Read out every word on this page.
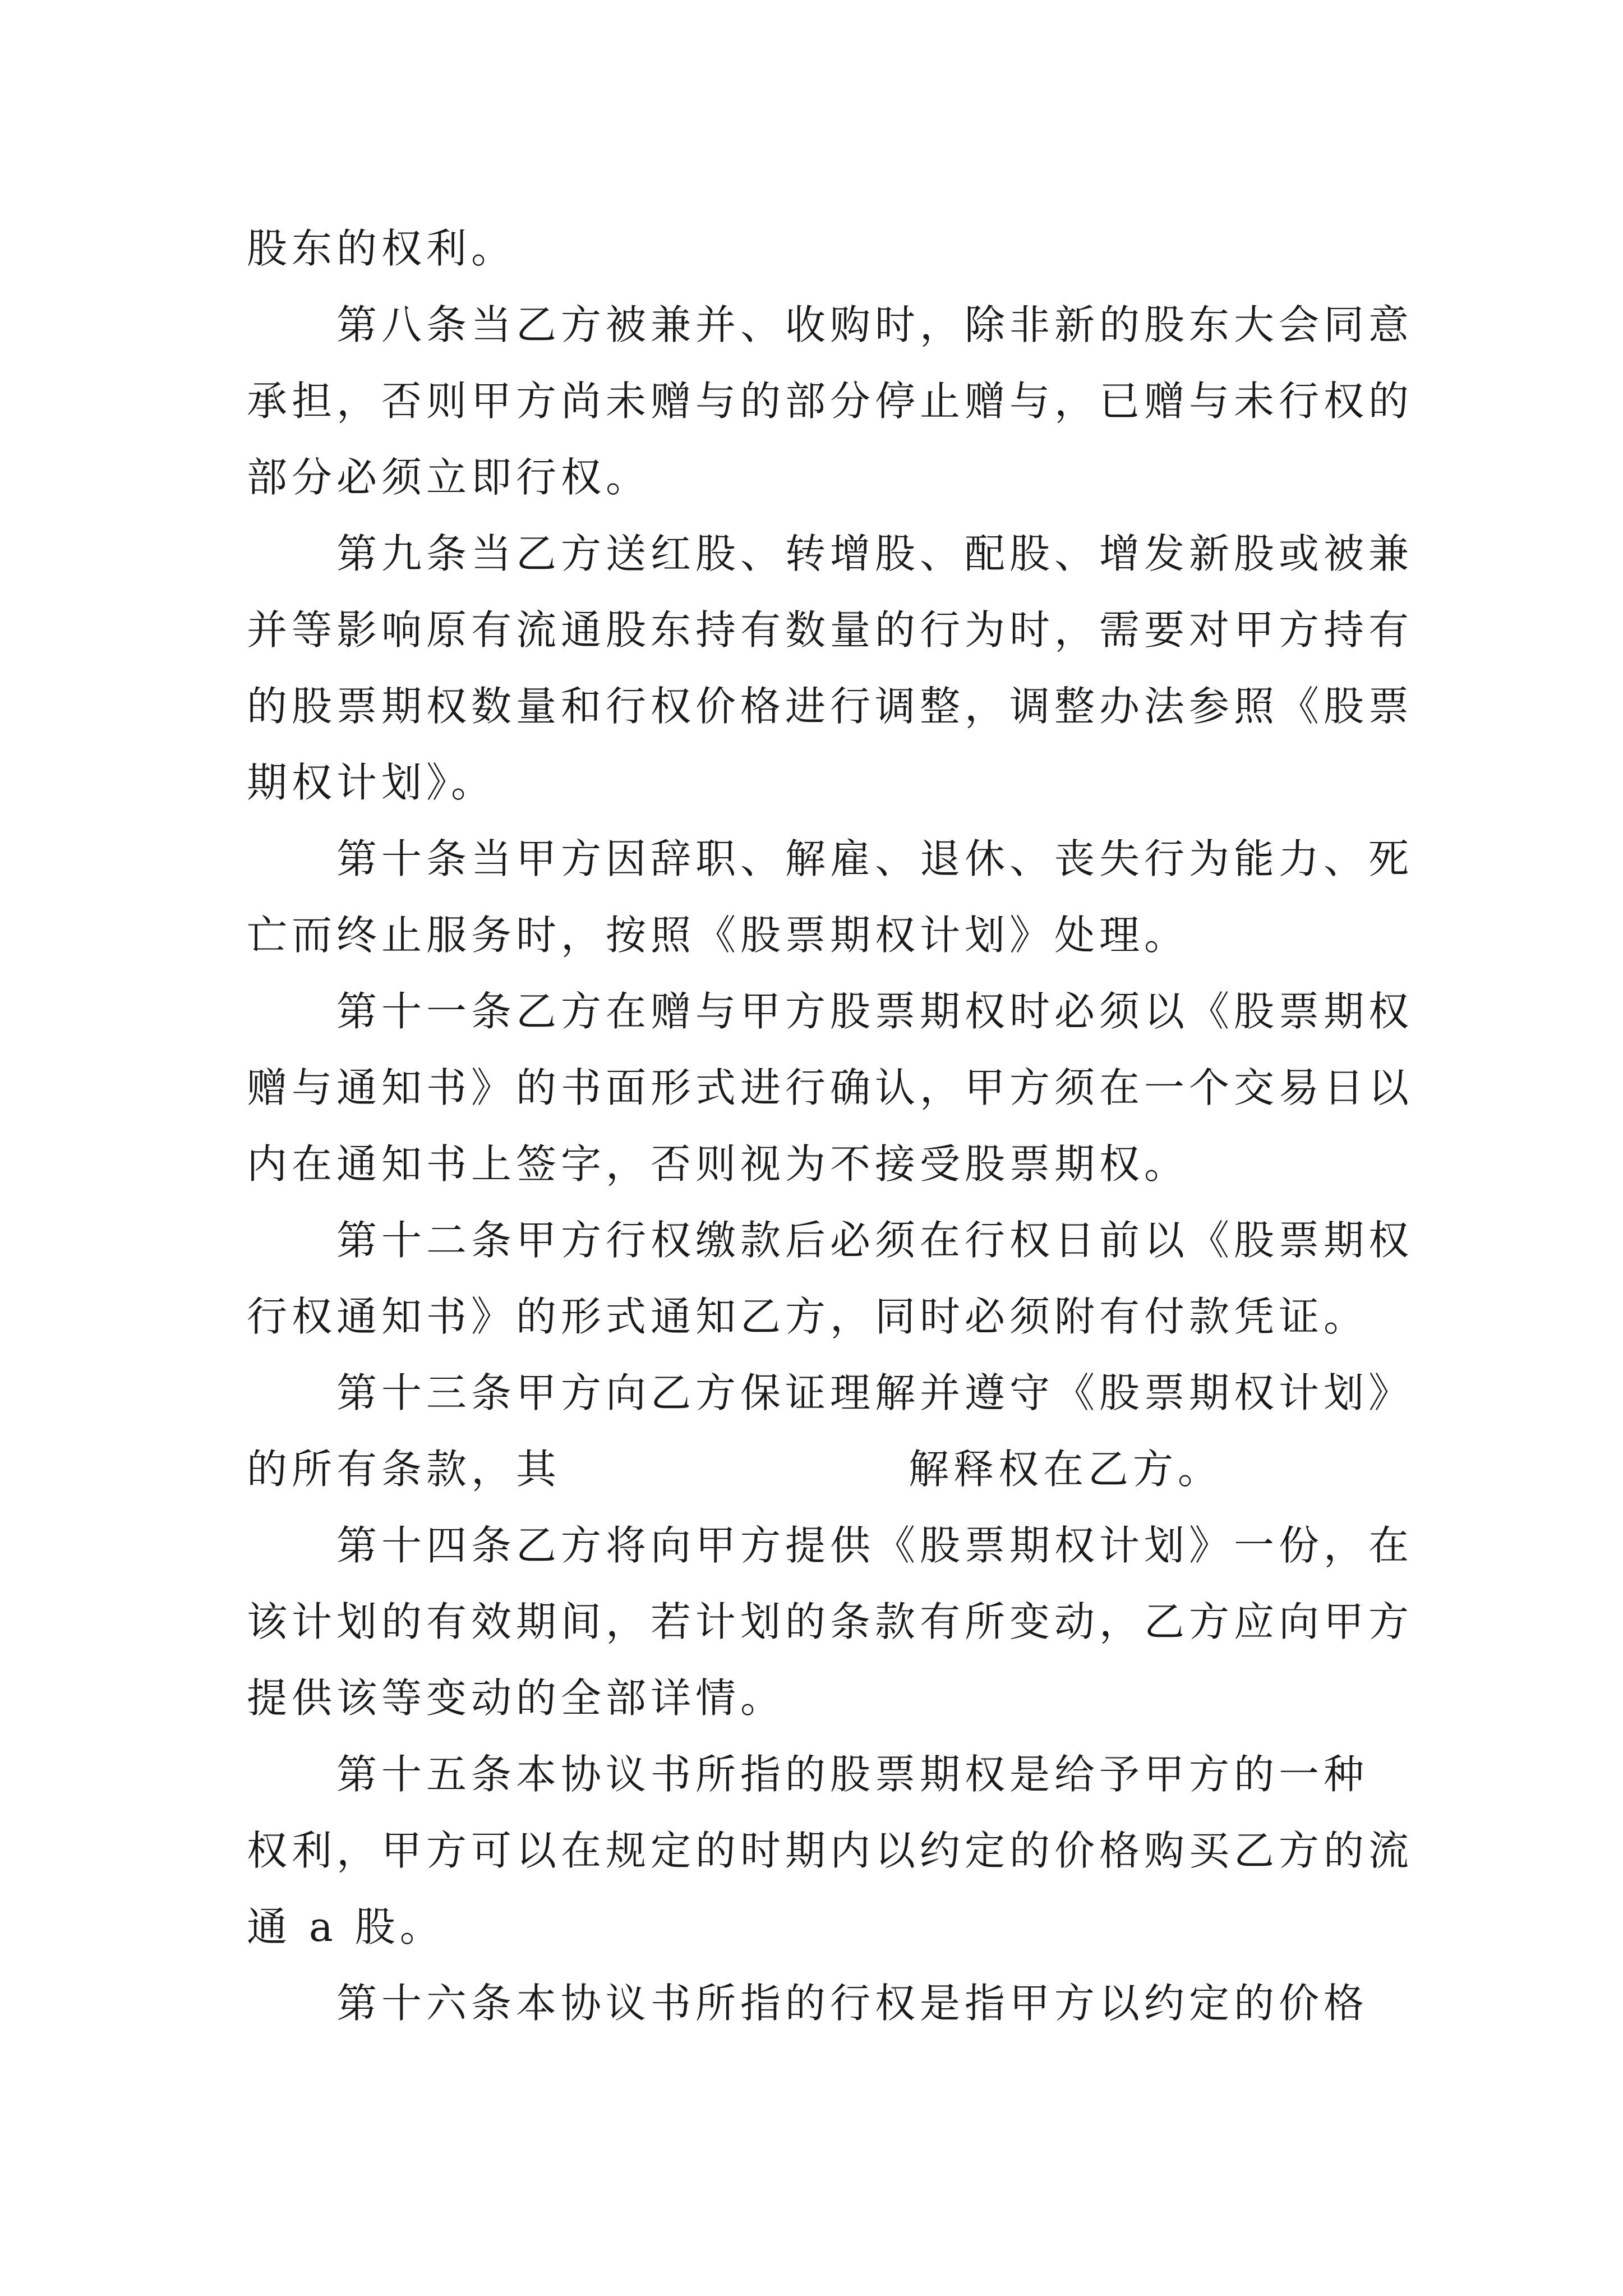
股东的权利。
第八条当乙方被兼并、收购时，除非新的股东大会同意
承担，否则甲方尚未赠与的部分停止赠与，已赠与未行权的
部分必须立即行权。
第九条当乙方送红股、转增股、配股、增发新股或被兼
并等影响原有流通股东持有数量的行为时，需要对甲方持有
的股票期权数量和行权价格进行调整，调整办法参照《股票
期权计划》。
第十条当甲方因辞职、解雇、退休、丧失行为能力、死
亡而终止服务时，按照《股票期权计划》处理。
第十一条乙方在赠与甲方股票期权时必须以《股票期权
赠与通知书》的书面形式进行确认，甲方须在一个交易日以
内在通知书上签字，否则视为不接受股票期权。
第十二条甲方行权缴款后必须在行权日前以《股票期权
行权通知书》的形式通知乙方，同时必须附有付款凭证。
第十三条甲方向乙方保证理解并遵守《股票期权计划》
的所有条款，其	解释权在乙方。
第十四条乙方将向甲方提供《股票期权计划》一份，在
该计划的有效期间，若计划的条款有所变动，乙方应向甲方
提供该等变动的全部详情。
第十五条本协议书所指的股票期权是给予甲方的一种
权利，甲方可以在规定的时期内以约定的价格购买乙方的流
通 a 股。
第十六条本协议书所指的行权是指甲方以约定的价格
